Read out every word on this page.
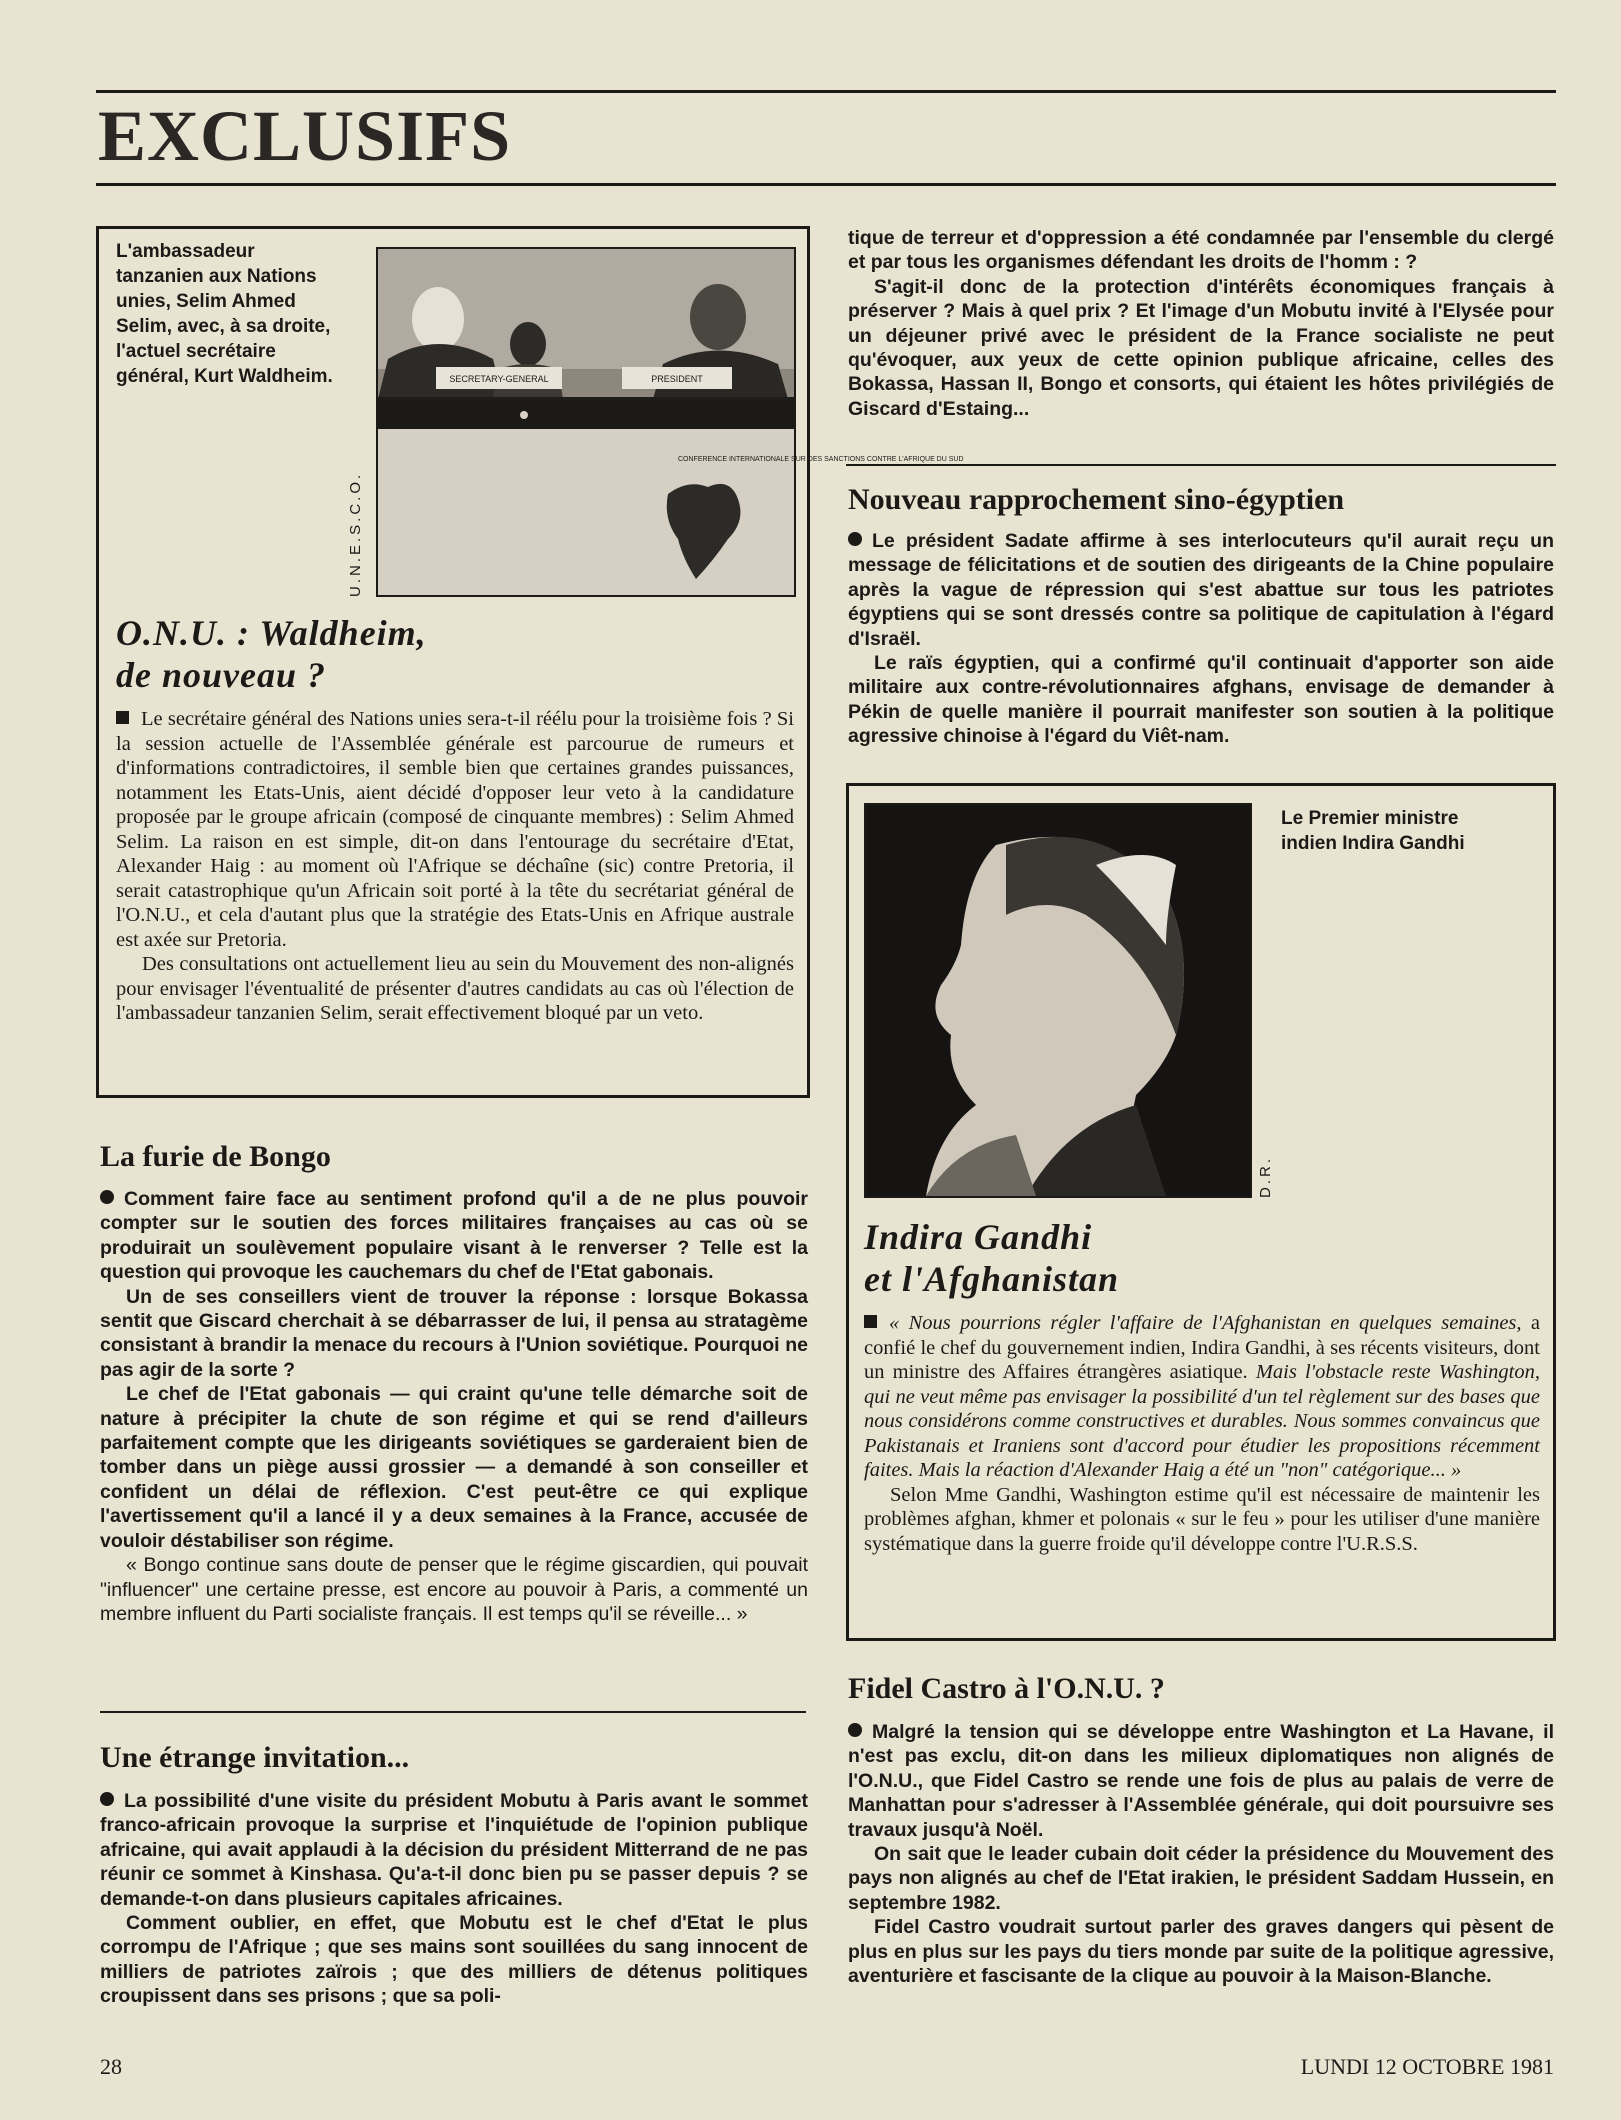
EXCLUSIFS
L'ambassadeur tanzanien aux Nations unies, Selim Ahmed Selim, avec, à sa droite, l'actuel secrétaire général, Kurt Waldheim.	SECRETARY-GENERAL	PRESIDENT
CONFERENCE INTERNATIONALE SUR DES SANCTIONS CONTRE L'AFRIQUE DU SUD
U.N.E.S.C.O.
O.N.U. : Waldheim, de nouveau ?

Le secrétaire général des Nations unies sera-t-il réélu pour la troisième fois ? Si la session actuelle de l'Assemblée générale est parcourue de rumeurs et d'informations contradictoires, il semble bien que certaines grandes puissances, notamment les Etats-Unis, aient décidé d'opposer leur veto à la candidature proposée par le groupe africain (composé de cinquante membres) : Selim Ahmed Selim. La raison en est simple, dit-on dans l'entourage du secrétaire d'Etat, Alexander Haig : au moment où l'Afrique se déchaîne (sic) contre Pretoria, il serait catastrophique qu'un Africain soit porté à la tête du secrétariat général de l'O.N.U., et cela d'autant plus que la stratégie des Etats-Unis en Afrique australe est axée sur Pretoria.

Des consultations ont actuellement lieu au sein du Mouvement des non-alignés pour envisager l'éventualité de présenter d'autres candidats au cas où l'élection de l'ambassadeur tanzanien Selim, serait effectivement bloqué par un veto.

La furie de Bongo

Comment faire face au sentiment profond qu'il a de ne plus pouvoir compter sur le soutien des forces militaires françaises au cas où se produirait un soulèvement populaire visant à le renverser ? Telle est la question qui provoque les cauchemars du chef de l'Etat gabonais.

Un de ses conseillers vient de trouver la réponse : lorsque Bokassa sentit que Giscard cherchait à se débarrasser de lui, il pensa au stratagème consistant à brandir la menace du recours à l'Union soviétique. Pourquoi ne pas agir de la sorte ?

Le chef de l'Etat gabonais — qui craint qu'une telle démarche soit de nature à précipiter la chute de son régime et qui se rend d'ailleurs parfaitement compte que les dirigeants soviétiques se garderaient bien de tomber dans un piège aussi grossier — a demandé à son conseiller et confident un délai de réflexion. C'est peut-être ce qui explique l'avertissement qu'il a lancé il y a deux semaines à la France, accusée de vouloir déstabiliser son régime.

« Bongo continue sans doute de penser que le régime giscardien, qui pouvait "influencer" une certaine presse, est encore au pouvoir à Paris, a commenté un membre influent du Parti socialiste français. Il est temps qu'il se réveille... »

Une étrange invitation...

La possibilité d'une visite du président Mobutu à Paris avant le sommet franco-africain provoque la surprise et l'inquiétude de l'opinion publique africaine, qui avait applaudi à la décision du président Mitterrand de ne pas réunir ce sommet à Kinshasa. Qu'a-t-il donc bien pu se passer depuis ? se demande-t-on dans plusieurs capitales africaines.

Comment oublier, en effet, que Mobutu est le chef d'Etat le plus corrompu de l'Afrique ; que ses mains sont souillées du sang innocent de milliers de patriotes zaïrois ; que des milliers de détenus politiques croupissent dans ses prisons ; que sa poli-

tique de terreur et d'oppression a été condamnée par l'ensemble du clergé et par tous les organismes défendant les droits de l'homm : ?

S'agit-il donc de la protection d'intérêts économiques français à préserver ? Mais à quel prix ? Et l'image d'un Mobutu invité à l'Elysée pour un déjeuner privé avec le président de la France socialiste ne peut qu'évoquer, aux yeux de cette opinion publique africaine, celles des Bokassa, Hassan II, Bongo et consorts, qui étaient les hôtes privilégiés de Giscard d'Estaing...

Nouveau rapprochement sino-égyptien

Le président Sadate affirme à ses interlocuteurs qu'il aurait reçu un message de félicitations et de soutien des dirigeants de la Chine populaire après la vague de répression qui s'est abattue sur tous les patriotes égyptiens qui se sont dressés contre sa politique de capitulation à l'égard d'Israël.

Le raïs égyptien, qui a confirmé qu'il continuait d'apporter son aide militaire aux contre-révolutionnaires afghans, envisage de demander à Pékin de quelle manière il pourrait manifester son soutien à la politique agressive chinoise à l'égard du Viêt-nam.

Le Premier ministre indien Indira Gandhi
D.R.
Indira Gandhi
et l'Afghanistan

« Nous pourrions régler l'affaire de l'Afghanistan en quelques semaines, a confié le chef du gouvernement indien, Indira Gandhi, à ses récents visiteurs, dont un ministre des Affaires étrangères asiatique. Mais l'obstacle reste Washington, qui ne veut même pas envisager la possibilité d'un tel règlement sur des bases que nous considérons comme constructives et durables. Nous sommes convaincus que Pakistanais et Iraniens sont d'accord pour étudier les propositions récemment faites. Mais la réaction d'Alexander Haig a été un "non" catégorique... »

Selon Mme Gandhi, Washington estime qu'il est nécessaire de maintenir les problèmes afghan, khmer et polonais « sur le feu » pour les utiliser d'une manière systématique dans la guerre froide qu'il développe contre l'U.R.S.S.

Fidel Castro à l'O.N.U. ?

Malgré la tension qui se développe entre Washington et La Havane, il n'est pas exclu, dit-on dans les milieux diplomatiques non alignés de l'O.N.U., que Fidel Castro se rende une fois de plus au palais de verre de Manhattan pour s'adresser à l'Assemblée générale, qui doit poursuivre ses travaux jusqu'à Noël.

On sait que le leader cubain doit céder la présidence du Mouvement des pays non alignés au chef de l'Etat irakien, le président Saddam Hussein, en septembre 1982.

Fidel Castro voudrait surtout parler des graves dangers qui pèsent de plus en plus sur les pays du tiers monde par suite de la politique agressive, aventurière et fascisante de la clique au pouvoir à la Maison-Blanche.

28	LUNDI 12 OCTOBRE 1981
